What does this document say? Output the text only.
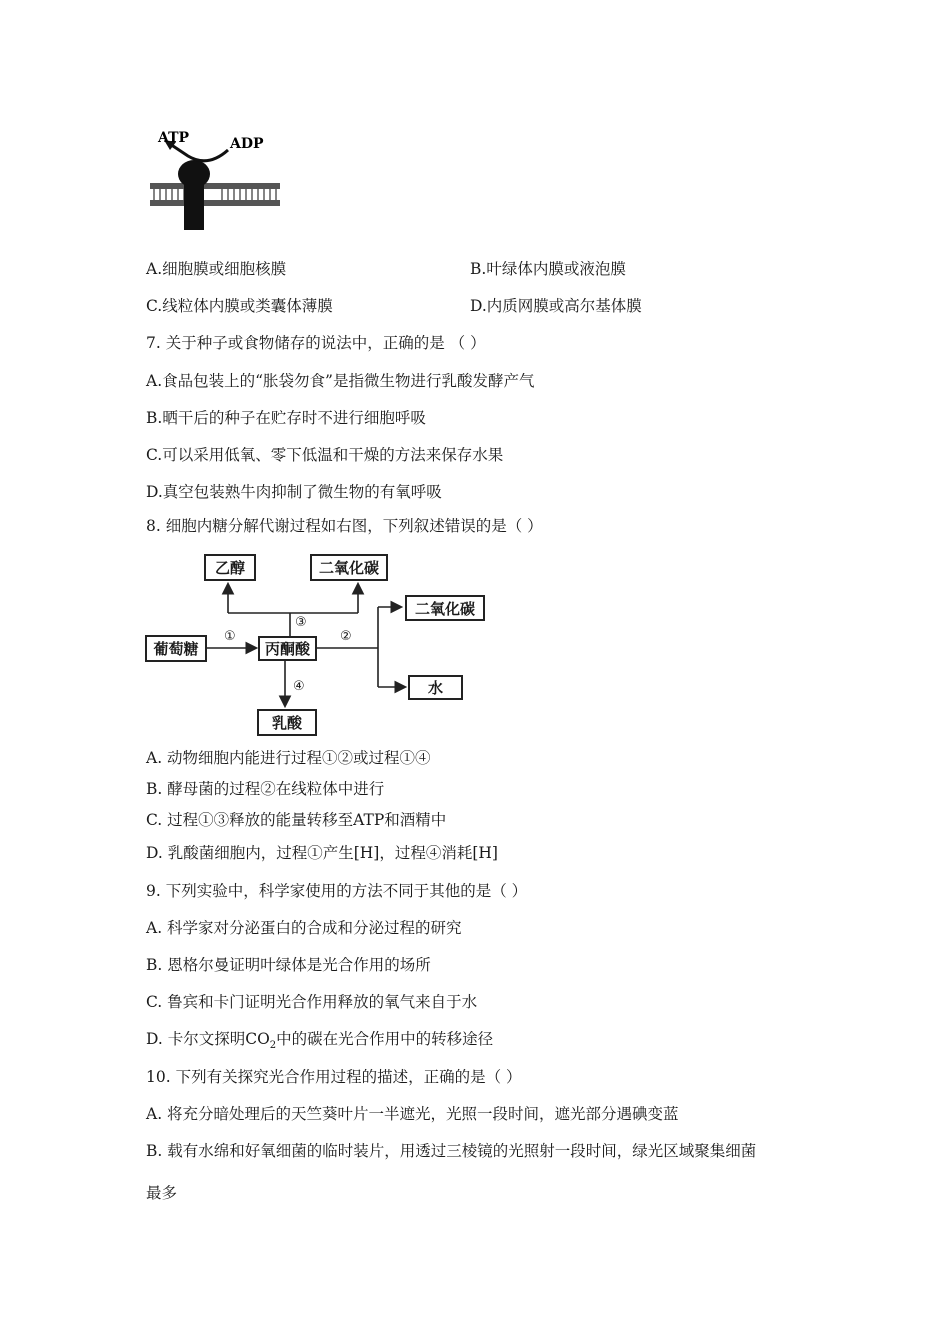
ATP	ADP
A.细胞膜或细胞核膜	B.叶绿体内膜或液泡膜
C.线粒体内膜或类囊体薄膜	D.内质网膜或高尔基体膜
7. 关于种子或食物储存的说法中，正确的是 （ ）
A.食品包装上的“胀袋勿食”是指微生物进行乳酸发酵产气
B.晒干后的种子在贮存时不进行细胞呼吸
C.可以采用低氧、零下低温和干燥的方法来保存水果
D.真空包装熟牛肉抑制了微生物的有氧呼吸
8. 细胞内糖分解代谢过程如右图，下列叙述错误的是（ ）
乙醇	二氧化碳
二氧化碳
葡萄糖	丙酮酸
水
乳酸
①	②
③
④
A. 动物细胞内能进行过程①②或过程①④
B. 酵母菌的过程②在线粒体中进行
C. 过程①③释放的能量转移至ATP和酒精中
D. 乳酸菌细胞内，过程①产生[H]，过程④消耗[H]
9. 下列实验中，科学家使用的方法不同于其他的是（ ）
A. 科学家对分泌蛋白的合成和分泌过程的研究
B. 恩格尔曼证明叶绿体是光合作用的场所
C. 鲁宾和卡门证明光合作用释放的氧气来自于水
D. 卡尔文探明$CO_2$中的碳在光合作用中的转移途径
10. 下列有关探究光合作用过程的描述，正确的是（ ）
A. 将充分暗处理后的天竺葵叶片一半遮光，光照一段时间，遮光部分遇碘变蓝
B. 载有水绵和好氧细菌的临时装片，用透过三棱镜的光照射一段时间，绿光区域聚集细菌
最多
